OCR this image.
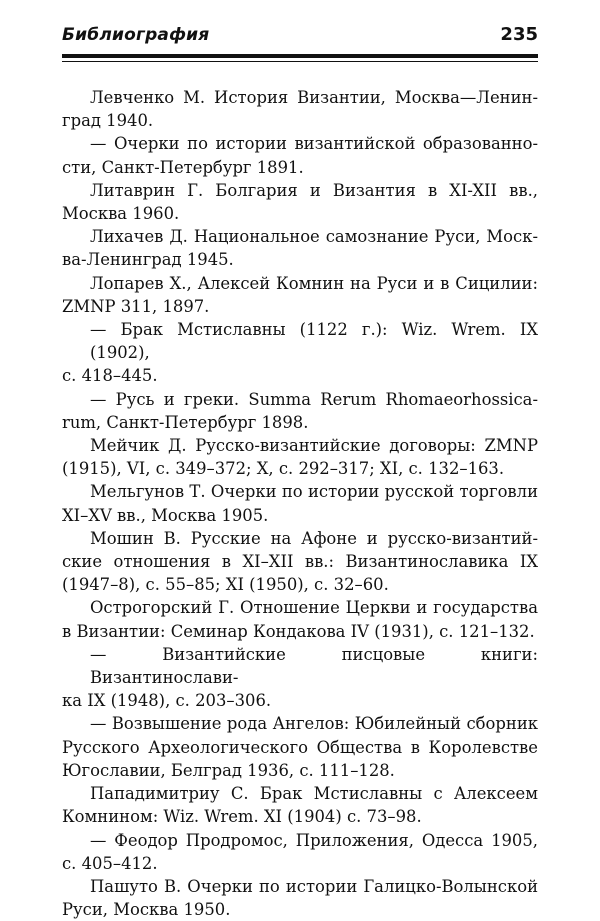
Библиография	235
Левченко М. История Византии, Москва—Ленин-
град 1940.
— Очерки по истории византийской образованно-
сти, Санкт-Петербург 1891.
Литаврин Г. Болгария и Византия в XI-XII вв.,
Москва 1960.
Лихачев Д. Национальное самознание Руси, Моск-
ва-Ленинград 1945.
Лопарев Х., Алексей Комнин на Руси и в Сицилии:
ZMNP 311, 1897.
— Брак Мстиславны (1122 г.): Wiz. Wrem. IX (1902),
с. 418–445.
— Русь и греки. Summa Rerum Rhomaeorhossica-
rum, Санкт-Петербург 1898.
Мейчик Д. Русско-византийские договоры: ZMNP
(1915), VI, с. 349–372; X, с. 292–317; XI, с. 132–163.
Мельгунов Т. Очерки по истории русской торговли
XI–XV вв., Москва 1905.
Мошин В. Русские на Афоне и русско-византий-
ские отношения в XI–XII вв.: Византинославика IX
(1947–8), с. 55–85; XI (1950), с. 32–60.
Острогорский Г. Отношение Церкви и государства
в Византии: Семинар Кондакова IV (1931), с. 121–132.
— Византийские писцовые книги: Византинослави-
ка IX (1948), с. 203–306.
— Возвышение рода Ангелов: Юбилейный сборник
Русского Археологического Общества в Королевстве
Югославии, Белград 1936, с. 111–128.
Пападимитриу С. Брак Мстиславны с Алексеем
Комнином: Wiz. Wrem. XI (1904) с. 73–98.
— Феодор Продромос, Приложения, Одесса 1905,
с. 405–412.
Пашуто В. Очерки по истории Галицко-Волынской
Руси, Москва 1950.
